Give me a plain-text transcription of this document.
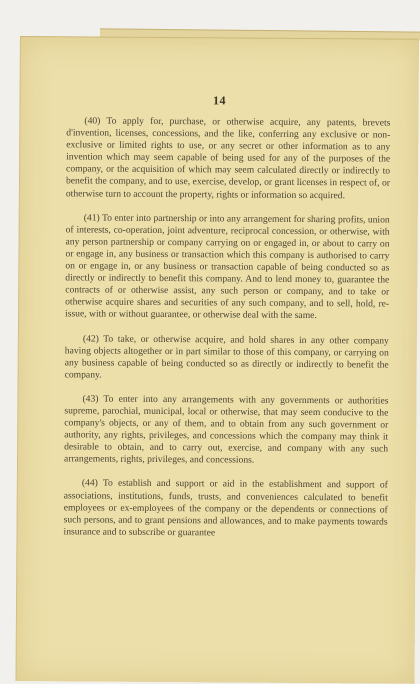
14

(40) To apply for, purchase, or otherwise acquire, any patents, brevets d'invention, licenses, concessions, and the like, conferring any exclusive or non- exclusive or limited rights to use, or any secret or other information as to any invention which may seem capable of being used for any of the purposes of the company, or the acquisition of which may seem calculated directly or indirectly to benefit the company, and to use, exercise, develop, or grant licenses in respect of, or otherwise turn to account the property, rights or information so acquired.

(41) To enter into partnership or into any arrangement for sharing profits, union of interests, co-operation, joint adventure, reciprocal concession, or otherwise, with any person partnership or company carrying on or engaged in, or about to carry on or engage in, any business or transaction which this company is authorised to carry on or engage in, or any business or transaction capable of being conducted so as directly or indirectly to benefit this company. And to lend money to, guarantee the contracts of or otherwise assist, any such person or company, and to take or otherwise acquire shares and securities of any such company, and to sell, hold, re-issue, with or without guarantee, or otherwise deal with the same.

(42) To take, or otherwise acquire, and hold shares in any other company having objects altogether or in part similar to those of this company, or carrying on any business capable of being conducted so as directly or indirectly to benefit the company.

(43) To enter into any arrangements with any governments or authorities supreme, parochial, municipal, local or otherwise, that may seem conducive to the company's objects, or any of them, and to obtain from any such government or authority, any rights, privileges, and concessions which the company may think it desirable to obtain, and to carry out, exercise, and company with any such arrangements, rights, privileges, and concessions.

(44) To establish and support or aid in the establishment and support of associations, institutions, funds, trusts, and conveniences calculated to benefit employees or ex-employees of the company or the dependents or connections of such persons, and to grant pensions and allowances, and to make payments towards insurance and to subscribe or guarantee
